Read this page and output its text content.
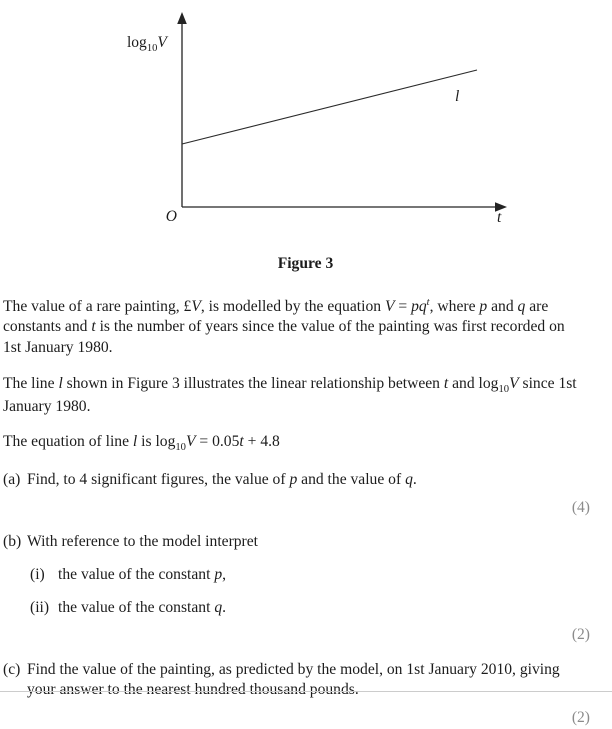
$\log_{10}V$
l
O	t
Figure 3

The value of a rare painting, £V, is modelled by the equation $V = pq^t$, where p and q are constants and t is the number of years since the value of the painting was first recorded on 1st January 1980.

The line l shown in Figure 3 illustrates the linear relationship between t and $\log_{10}V$ since 1st January 1980.

The equation of line l is $\log_{10}V = 0.05t + 4.8$

(a) Find, to 4 significant figures, the value of p and the value of q.
(4)
(b) With reference to the model interpret
(i) the value of the constant p,
(ii) the value of the constant q.
(2)
(c) Find the value of the painting, as predicted by the model, on 1st January 2010, giving your answer to the nearest hundred thousand pounds.
(2)
